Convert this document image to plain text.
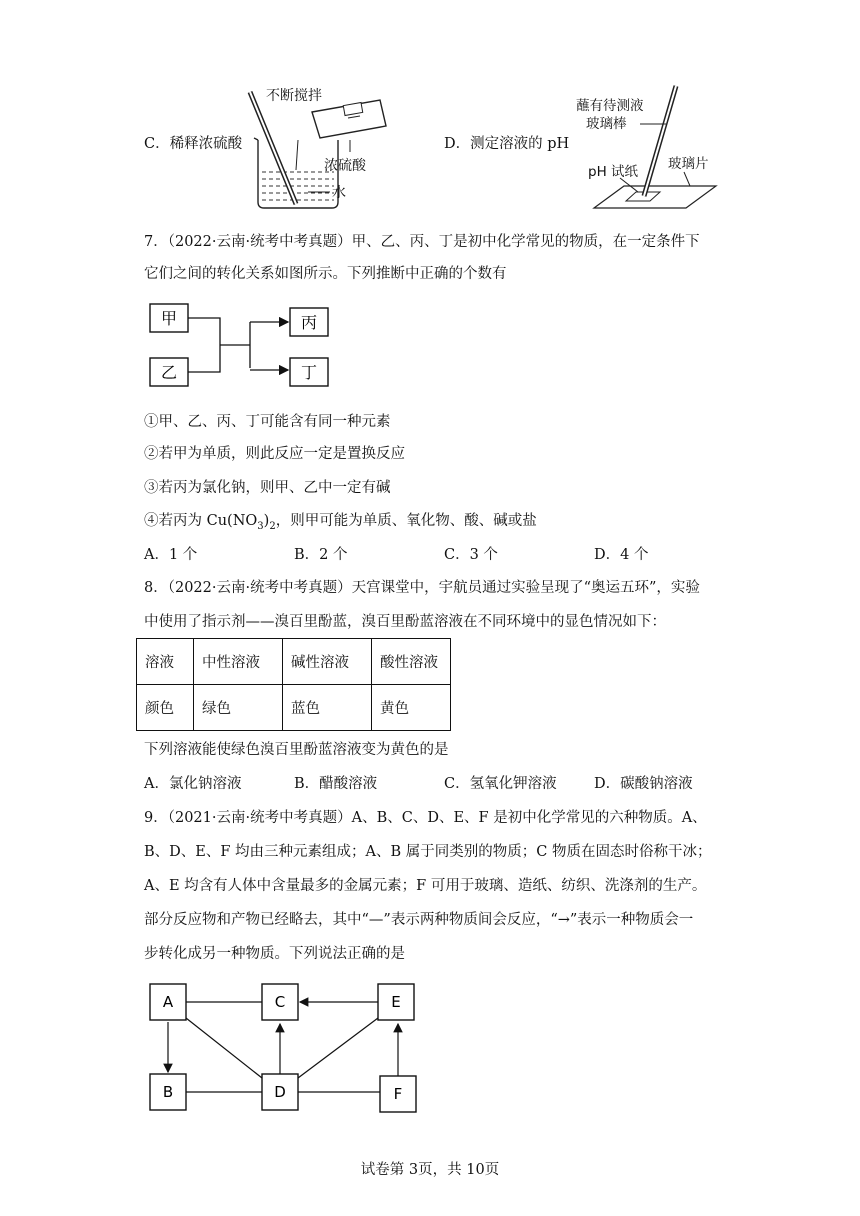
C．稀释浓硫酸
不断搅拌
浓硫酸
水
D．测定溶液的 pH
蘸有待测液
玻璃棒
pH 试纸 玻璃片
7．（2022·云南·统考中考真题）甲、乙、丙、丁是初中化学常见的物质，在一定条件下
它们之间的转化关系如图所示。下列推断中正确的个数有
甲
乙
丙
丁
①甲、乙、丙、丁可能含有同一种元素
②若甲为单质，则此反应一定是置换反应
③若丙为氯化钠，则甲、乙中一定有碱
④若丙为 $Cu(NO_3)_2$，则甲可能为单质、氧化物、酸、碱或盐
A．1 个	B．2 个	C．3 个	D．4 个
8．（2022·云南·统考中考真题）天宫课堂中，宇航员通过实验呈现了“奥运五环”，实验
中使用了指示剂——溴百里酚蓝，溴百里酚蓝溶液在不同环境中的显色情况如下：
溶液	中性溶液	碱性溶液	酸性溶液
颜色	绿色	蓝色	黄色
下列溶液能使绿色溴百里酚蓝溶液变为黄色的是
A．氯化钠溶液	B．醋酸溶液	C．氢氧化钾溶液	D．碳酸钠溶液
9．（2021·云南·统考中考真题）A、B、C、D、E、F 是初中化学常见的六种物质。A、
B、D、E、F 均由三种元素组成；A、B 属于同类别的物质；C 物质在固态时俗称干冰；
A、E 均含有人体中含量最多的金属元素；F 可用于玻璃、造纸、纺织、洗涤剂的生产。
部分反应物和产物已经略去，其中“—”表示两种物质间会反应，“→”表示一种物质会一
步转化成另一种物质。下列说法正确的是
A	C	E
B	D	F
试卷第 3页，共 10页
